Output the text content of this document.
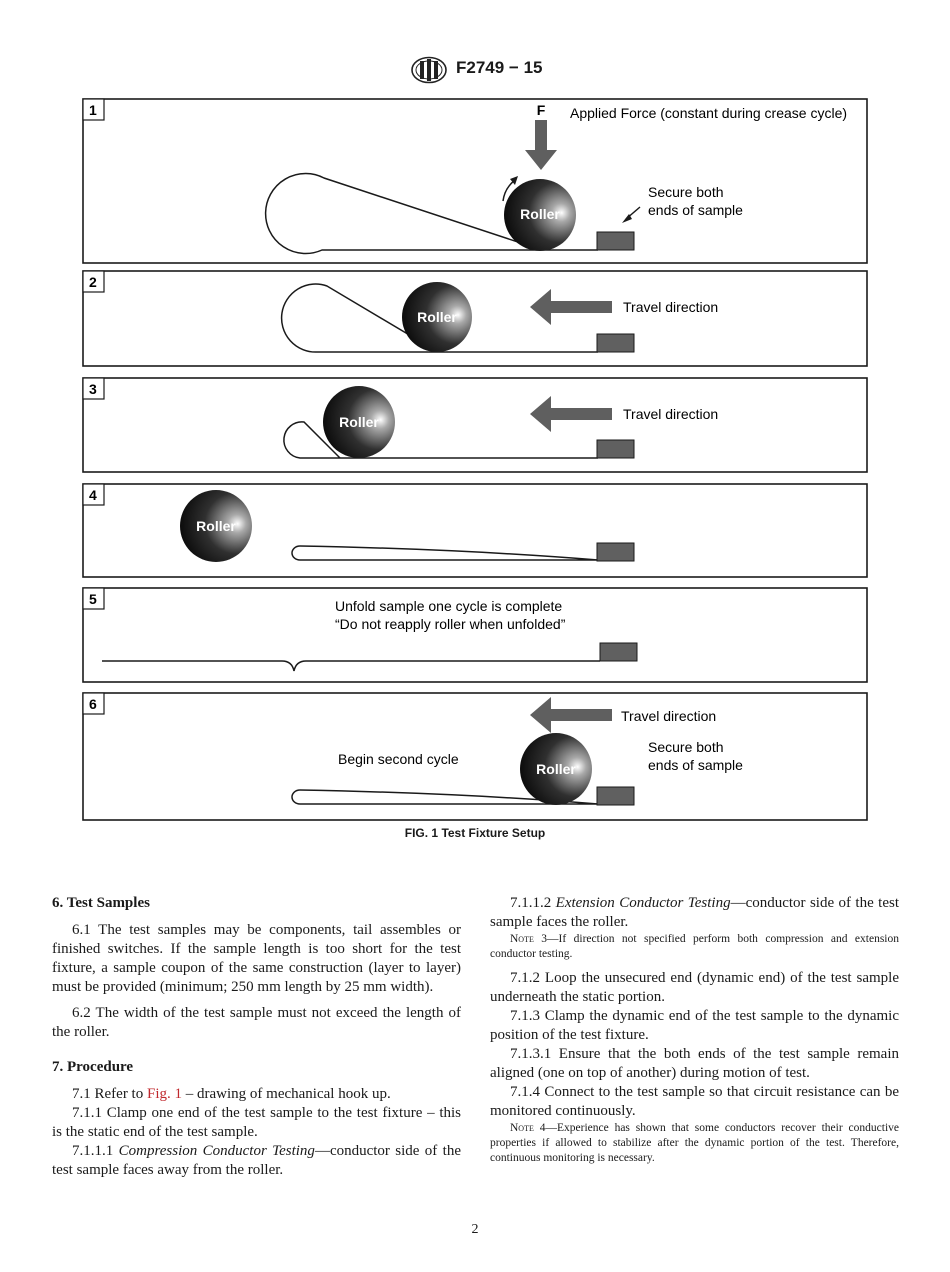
F2749 − 15
1
Roller
F Applied Force (constant during crease cycle)
Secure both
ends of sample
2
Roller
Travel direction
3
Roller	Travel direction
4
Roller
5	Unfold sample one cycle is complete
“Do not reapply roller when unfolded”
6
Travel direction
Secure both
ends of sample
Begin second cycle
Roller
FIG. 1 Test Fixture Setup
6. Test Samples

6.1 The test samples may be components, tail assembles or finished switches. If the sample length is too short for the test fixture, a sample coupon of the same construction (layer to layer) must be provided (minimum; 250 mm length by 25 mm width).

6.2 The width of the test sample must not exceed the length of the roller.

7. Procedure

7.1 Refer to Fig. 1 – drawing of mechanical hook up.

7.1.1 Clamp one end of the test sample to the test fixture – this is the static end of the test sample.

7.1.1.1 Compression Conductor Testing—conductor side of the test sample faces away from the roller.

7.1.1.2 Extension Conductor Testing—conductor side of the test sample faces the roller.

Note 3—If direction not specified perform both compression and extension conductor testing.

7.1.2 Loop the unsecured end (dynamic end) of the test sample underneath the static portion.

7.1.3 Clamp the dynamic end of the test sample to the dynamic position of the test fixture.

7.1.3.1 Ensure that the both ends of the test sample remain aligned (one on top of another) during motion of test.

7.1.4 Connect to the test sample so that circuit resistance can be monitored continuously.

Note 4—Experience has shown that some conductors recover their conductive properties if allowed to stabilize after the dynamic portion of the test. Therefore, continuous monitoring is necessary.

2
